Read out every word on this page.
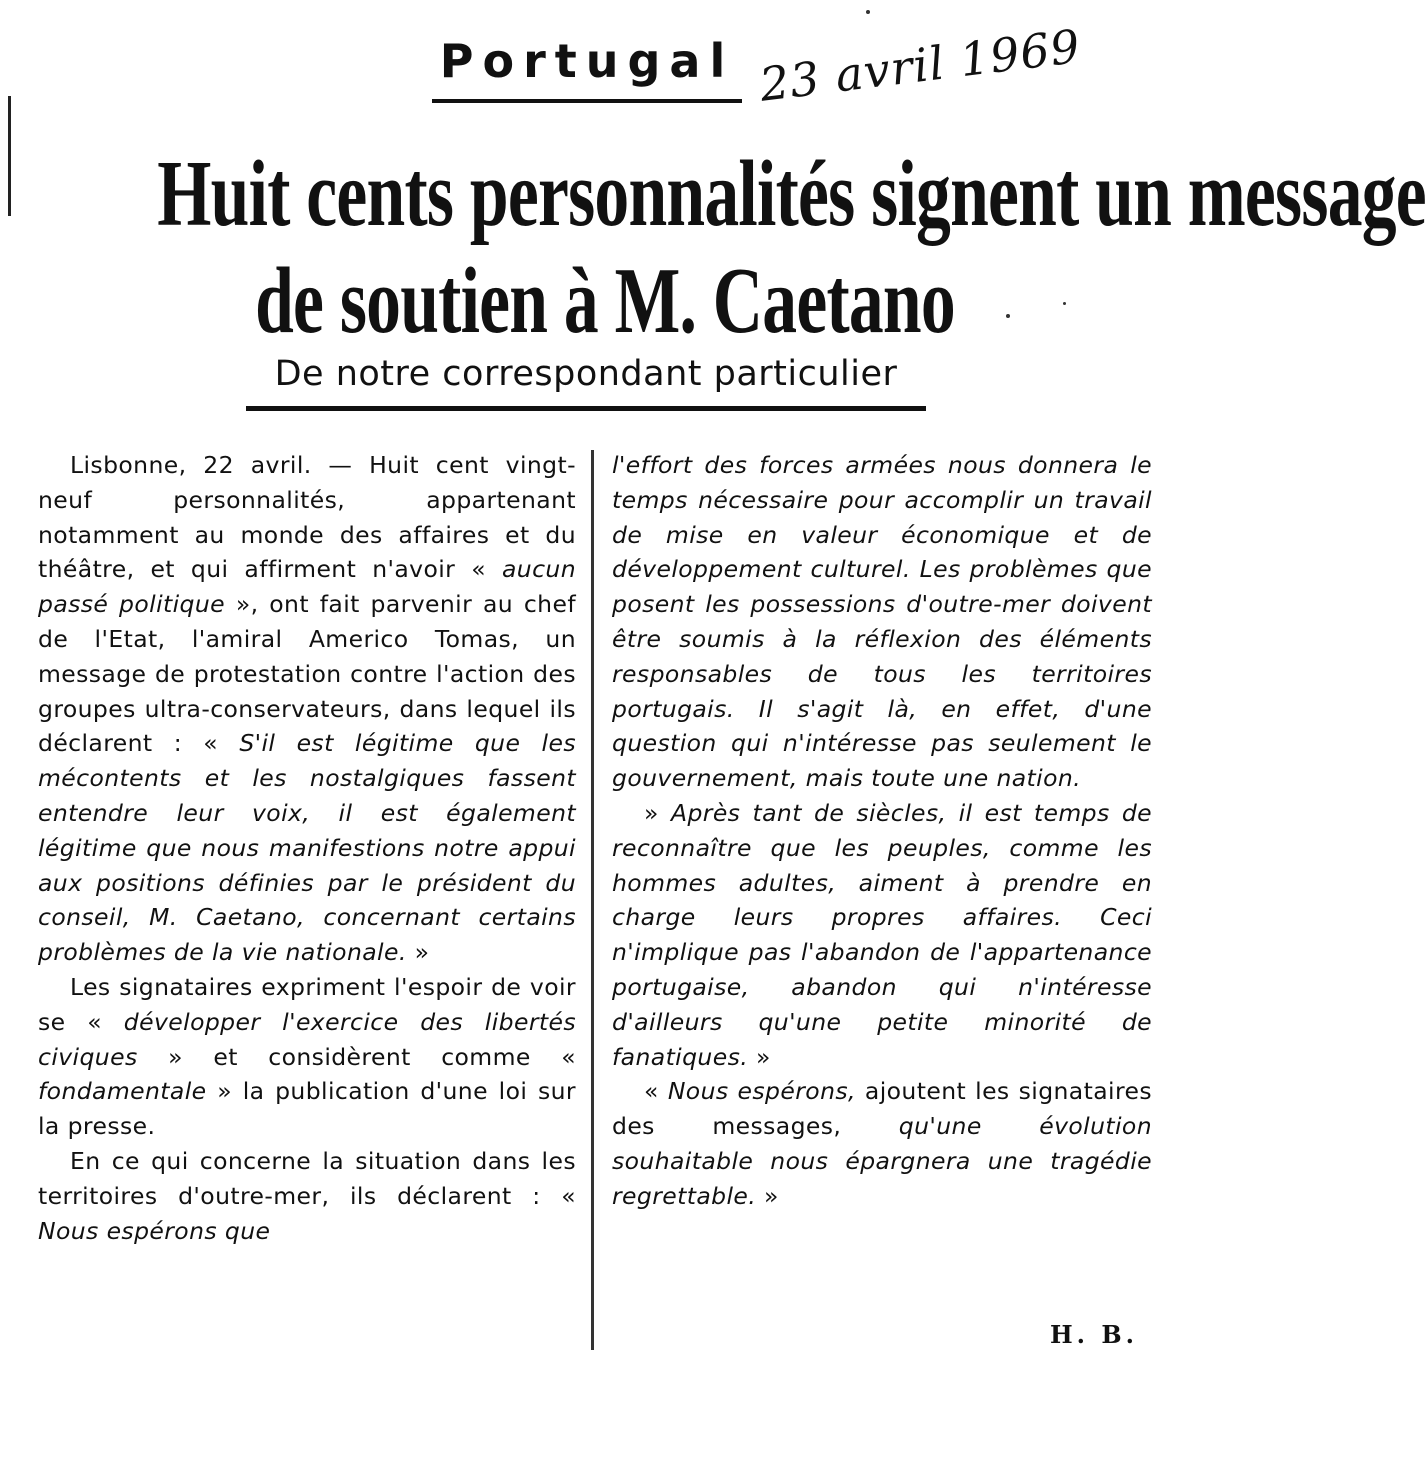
Portugal 23 avril 1969
Huit cents personnalités signent un message
de soutien à M. Caetano
De notre correspondant particulier

Lisbonne, 22 avril. — Huit cent vingt-neuf personnalités, appartenant notamment au monde des affaires et du théâtre, et qui affirment n'avoir « aucun passé politique », ont fait parvenir au chef de l'Etat, l'amiral Americo Tomas, un message de protestation contre l'action des groupes ultra-conservateurs, dans lequel ils déclarent : « S'il est légitime que les mécontents et les nostalgiques fassent entendre leur voix, il est également légitime que nous manifestions notre appui aux positions définies par le président du conseil, M. Caetano, concernant certains problèmes de la vie nationale. »

Les signataires expriment l'espoir de voir se « développer l'exercice des libertés civiques » et considèrent comme « fondamentale » la publication d'une loi sur la presse.

En ce qui concerne la situation dans les territoires d'outre-mer, ils déclarent : « Nous espérons que

l'effort des forces armées nous donnera le temps nécessaire pour accomplir un travail de mise en valeur économique et de développement culturel. Les problèmes que posent les possessions d'outre-mer doivent être soumis à la réflexion des éléments responsables de tous les territoires portugais. Il s'agit là, en effet, d'une question qui n'intéresse pas seulement le gouvernement, mais toute une nation.

» Après tant de siècles, il est temps de reconnaître que les peuples, comme les hommes adultes, aiment à prendre en charge leurs propres affaires. Ceci n'implique pas l'abandon de l'appartenance portugaise, abandon qui n'intéresse d'ailleurs qu'une petite minorité de fanatiques. »

« Nous espérons, ajoutent les signataires des messages, qu'une évolution souhaitable nous épargnera une tragédie regrettable. »

H. B.
